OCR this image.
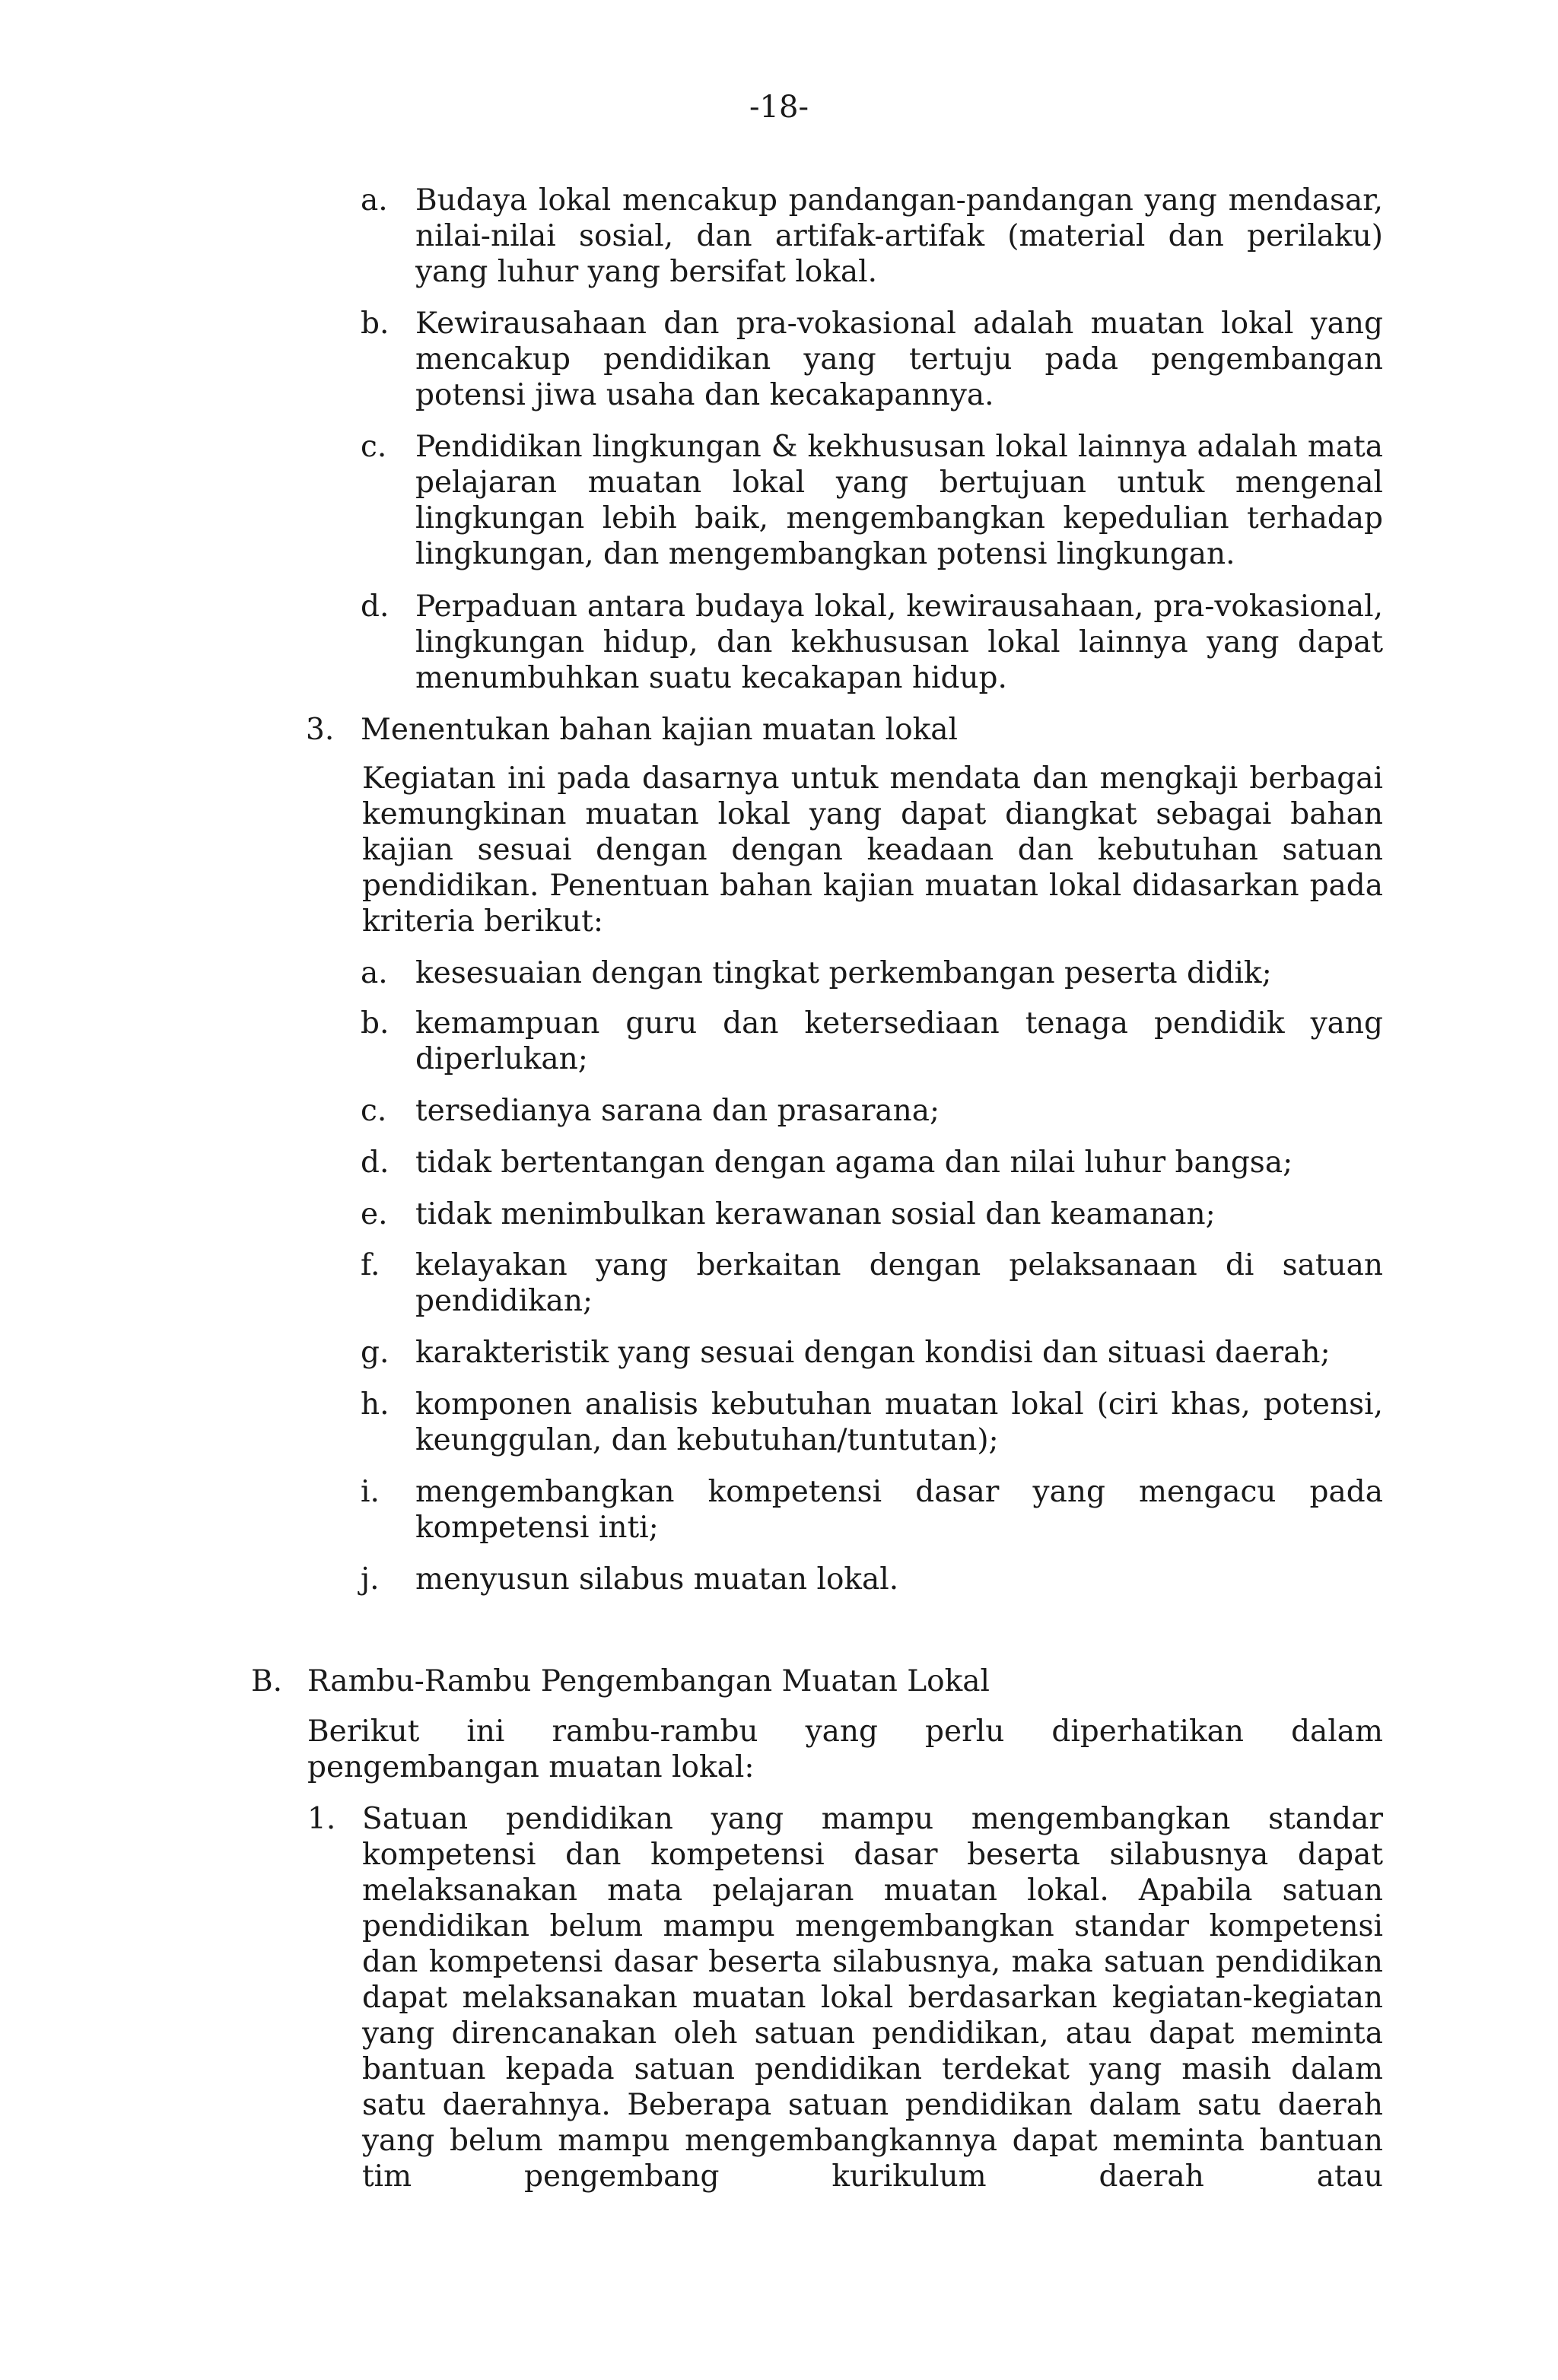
-18-
a. Budaya lokal mencakup pandangan-pandangan yang mendasar, nilai-nilai sosial, dan artifak-artifak (material dan perilaku) yang luhur yang bersifat lokal.

b. Kewirausahaan dan pra-vokasional adalah muatan lokal yang mencakup pendidikan yang tertuju pada pengembangan potensi jiwa usaha dan kecakapannya.

c. Pendidikan lingkungan & kekhususan lokal lainnya adalah mata pelajaran muatan lokal yang bertujuan untuk mengenal lingkungan lebih baik, mengembangkan kepedulian terhadap lingkungan, dan mengembangkan potensi lingkungan.

d. Perpaduan antara budaya lokal, kewirausahaan, pra-vokasional, lingkungan hidup, dan kekhususan lokal lainnya yang dapat menumbuhkan suatu kecakapan hidup.

3. Menentukan bahan kajian muatan lokal

Kegiatan ini pada dasarnya untuk mendata dan mengkaji berbagai kemungkinan muatan lokal yang dapat diangkat sebagai bahan kajian sesuai dengan dengan keadaan dan kebutuhan satuan pendidikan. Penentuan bahan kajian muatan lokal didasarkan pada kriteria berikut:

a. kesesuaian dengan tingkat perkembangan peserta didik;

b. kemampuan guru dan ketersediaan tenaga pendidik yang diperlukan;

c. tersedianya sarana dan prasarana;

d. tidak bertentangan dengan agama dan nilai luhur bangsa;

e. tidak menimbulkan kerawanan sosial dan keamanan;

f. kelayakan yang berkaitan dengan pelaksanaan di satuan pendidikan;

g. karakteristik yang sesuai dengan kondisi dan situasi daerah;

h. komponen analisis kebutuhan muatan lokal (ciri khas, potensi, keunggulan, dan kebutuhan/tuntutan);

i. mengembangkan kompetensi dasar yang mengacu pada kompetensi inti;

j. menyusun silabus muatan lokal.

B. Rambu-Rambu Pengembangan Muatan Lokal

Berikut ini rambu-rambu yang perlu diperhatikan dalam pengembangan muatan lokal:

1. Satuan pendidikan yang mampu mengembangkan standar kompetensi dan kompetensi dasar beserta silabusnya dapat melaksanakan mata pelajaran muatan lokal. Apabila satuan pendidikan belum mampu mengembangkan standar kompetensi dan kompetensi dasar beserta silabusnya, maka satuan pendidikan dapat melaksanakan muatan lokal berdasarkan kegiatan-kegiatan yang direncanakan oleh satuan pendidikan, atau dapat meminta bantuan kepada satuan pendidikan terdekat yang masih dalam satu daerahnya. Beberapa satuan pendidikan dalam satu daerah yang belum mampu mengembangkannya dapat meminta bantuan tim pengembang kurikulum daerah atau
